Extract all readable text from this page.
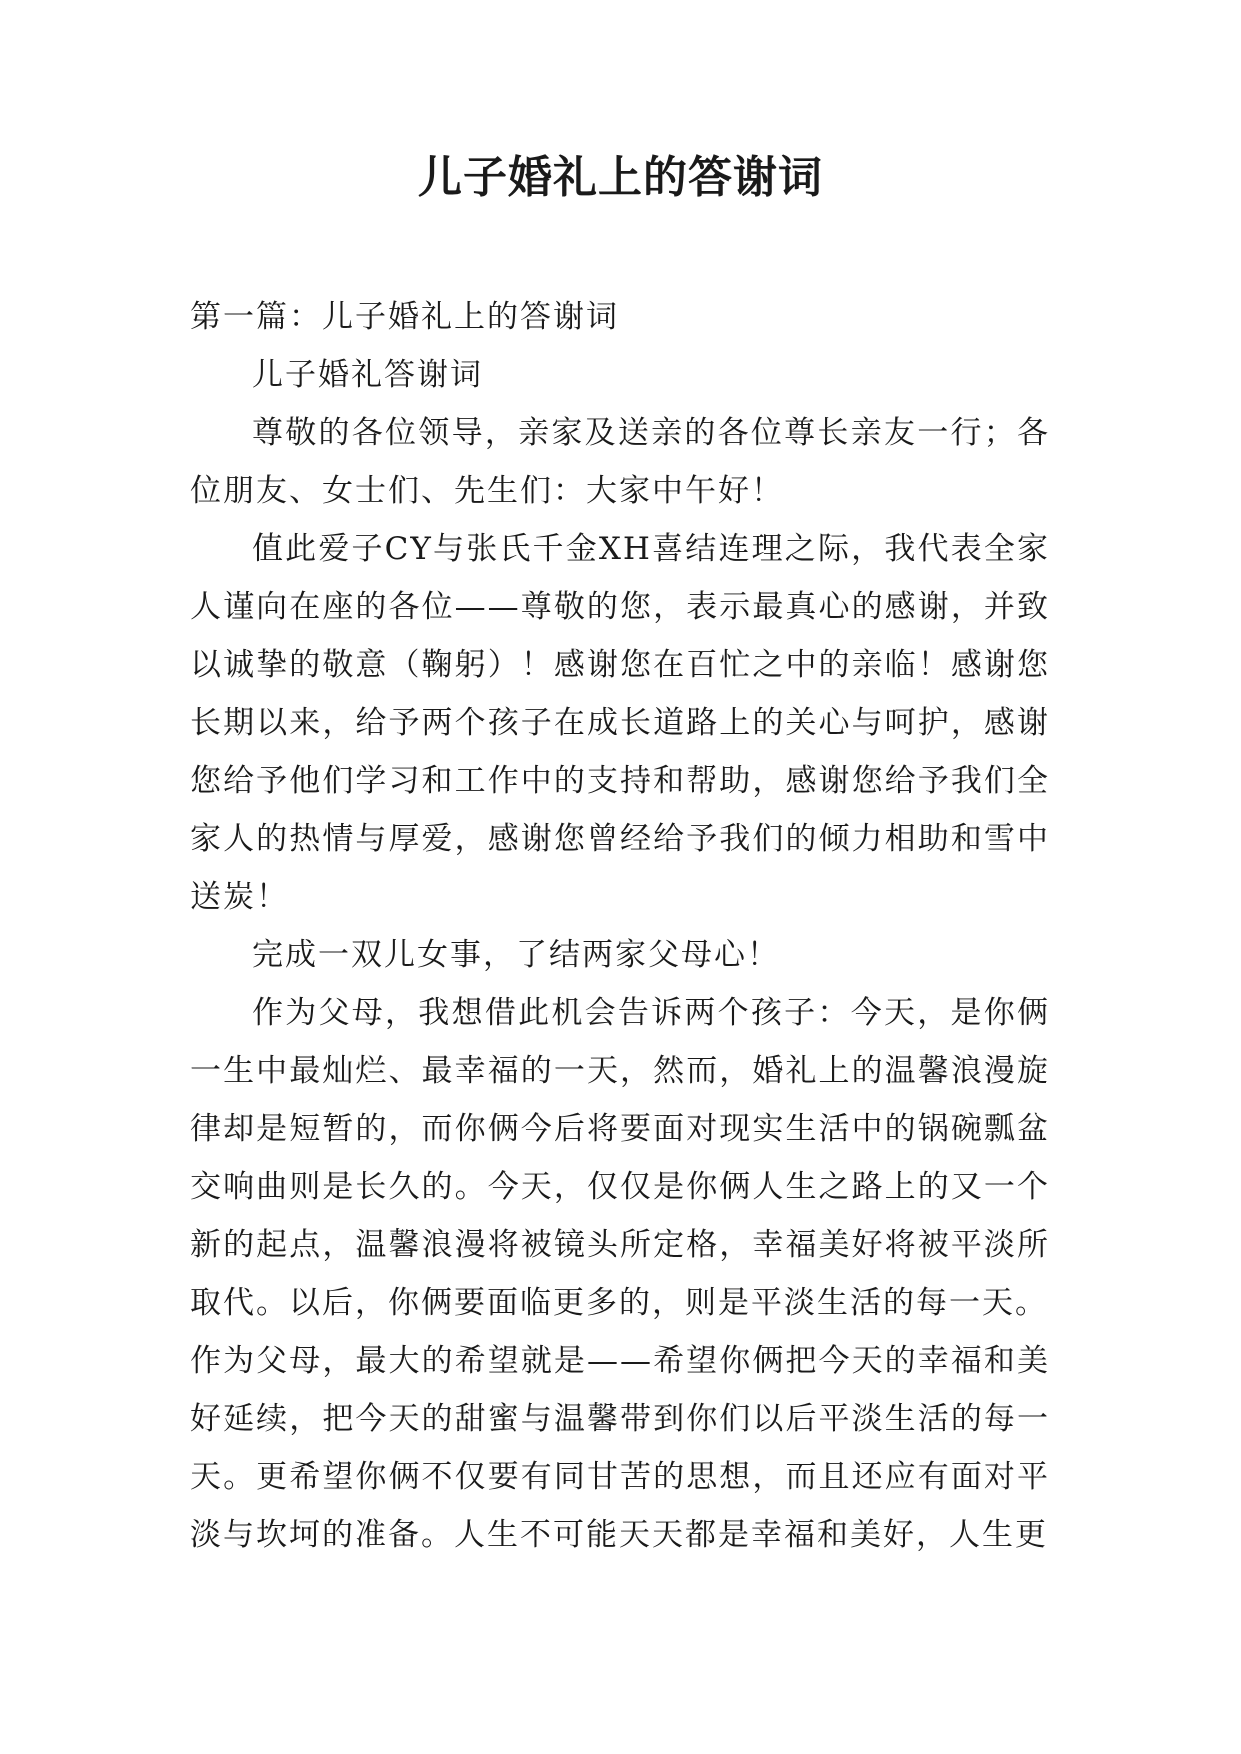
儿子婚礼上的答谢词

第一篇：儿子婚礼上的答谢词

儿子婚礼答谢词

尊敬的各位领导，亲家及送亲的各位尊长亲友一行；各位朋友、女士们、先生们：大家中午好！

值此爱子CY与张氏千金XH喜结连理之际，我代表全家人谨向在座的各位——尊敬的您，表示最真心的感谢，并致以诚挚的敬意（鞠躬）！感谢您在百忙之中的亲临！感谢您长期以来，给予两个孩子在成长道路上的关心与呵护，感谢您给予他们学习和工作中的支持和帮助，感谢您给予我们全家人的热情与厚爱，感谢您曾经给予我们的倾力相助和雪中送炭！

完成一双儿女事，了结两家父母心！

作为父母，我想借此机会告诉两个孩子：今天，是你俩一生中最灿烂、最幸福的一天，然而，婚礼上的温馨浪漫旋律却是短暂的，而你俩今后将要面对现实生活中的锅碗瓢盆交响曲则是长久的。今天，仅仅是你俩人生之路上的又一个新的起点，温馨浪漫将被镜头所定格，幸福美好将被平淡所取代。以后，你俩要面临更多的，则是平淡生活的每一天。

作为父母，最大的希望就是——希望你俩把今天的幸福和美好延续，把今天的甜蜜与温馨带到你们以后平淡生活的每一天。更希望你俩不仅要有同甘苦的思想，而且还应有面对平淡与坎坷的准备。人生不可能天天都是幸福和美好，人生更
